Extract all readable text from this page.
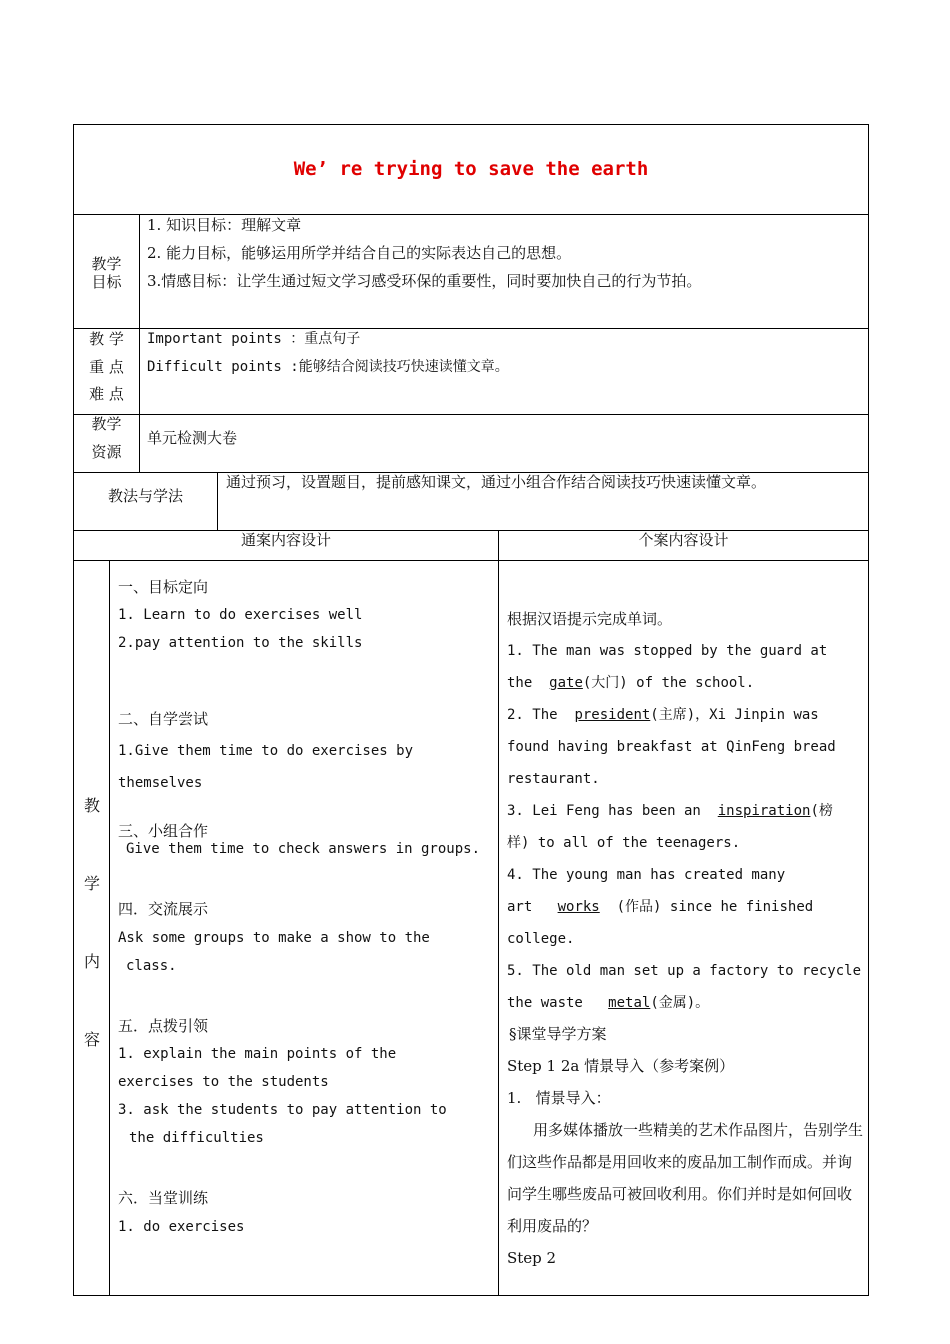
We’ re trying to save the earth
教学
目标
1. 知识目标：理解文章
2. 能力目标，能够运用所学并结合自己的实际表达自己的思想。
3.情感目标：让学生通过短文学习感受环保的重要性，同时要加快自己的行为节拍。
教 学
重 点
难 点
Important points ：重点句子
Difficult points :能够结合阅读技巧快速读懂文章。
教学
资源
单元检测大卷
教法与学法
通过预习，设置题目，提前感知课文，通过小组合作结合阅读技巧快速读懂文章。
通案内容设计	个案内容设计
教
学
内
容
一、目标定向
1. Learn to do exercises well
2.pay attention to the skills
二、自学尝试
1.Give them time to do exercises by
themselves
三、小组合作
Give them time to check answers in groups.
四．交流展示
Ask some groups to make a show to the
class.
五．点拨引领
1. explain the main points of the
exercises to the students
3. ask the students to pay attention to
the difficulties
六．当堂训练
1. do exercises
根据汉语提示完成单词。
1. The man was stopped by the guard at
the gate(大门) of the school.
2. The president(主席)，Xi Jinpin was
found having breakfast at QinFeng bread
restaurant.
3. Lei Feng has been an inspiration(榜
样) to all of the teenagers.
4. The young man has created many
art works (作品) since he finished
college.
5. The old man set up a factory to recycle
the waste metal(金属)。
§课堂导学方案
Step 1 2a 情景导入（参考案例）
1. 情景导入：
用多媒体播放一些精美的艺术作品图片，告别学生们这些作品都是用回收来的废品加工制作而成。并询问学生哪些废品可被回收利用。你们并时是如何回收利用废品的？
Step 2
